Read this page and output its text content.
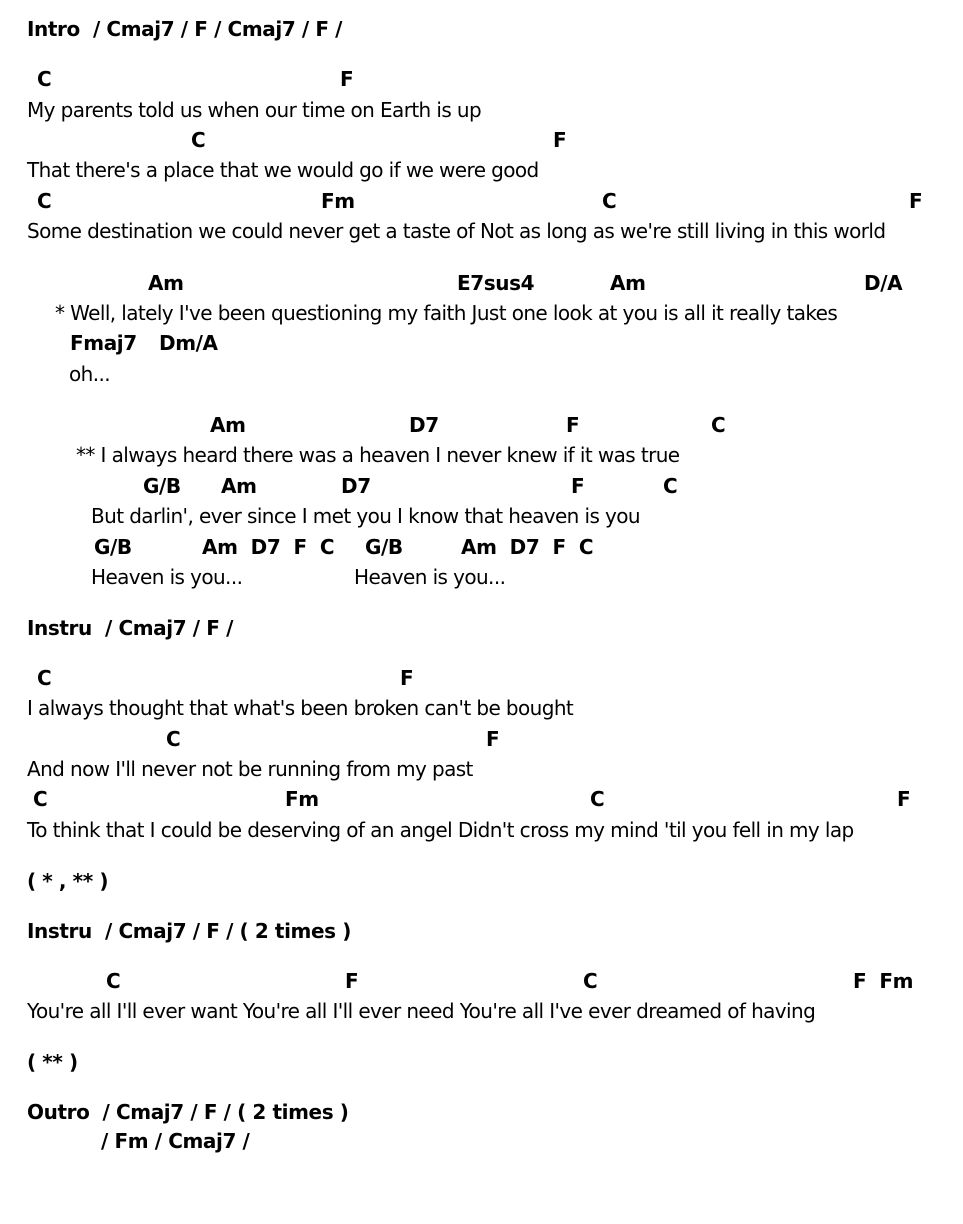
Intro  / Cmaj7 / F / Cmaj7 / F /
C	F
My parents told us when our time on Earth is up
C	F
That there's a place that we would go if we were good
C	Fm	C	F
Some destination we could never get a taste of Not as long as we're still living in this world
Am	E7sus4	Am	D/A
* Well, lately I've been questioning my faith Just one look at you is all it really takes
Fmaj7 Dm/A
oh...
Am	D7	F	C
** I always heard there was a heaven I never knew if it was true
G/B Am	D7	F	C
But darlin', ever since I met you I know that heaven is you
G/B	Am  D7  F  C G/B	Am  D7  F  C
Heaven is you...	Heaven is you...
Instru  / Cmaj7 / F /
C	F
I always thought that what's been broken can't be bought
C	F
And now I'll never not be running from my past
C	Fm	C	F
To think that I could be deserving of an angel Didn't cross my mind 'til you fell in my lap
( * , ** )
Instru  / Cmaj7 / F / ( 2 times )
C	F	C	F  Fm
You're all I'll ever want You're all I'll ever need You're all I've ever dreamed of having
( ** )
Outro  / Cmaj7 / F / ( 2 times )
/ Fm / Cmaj7 /
